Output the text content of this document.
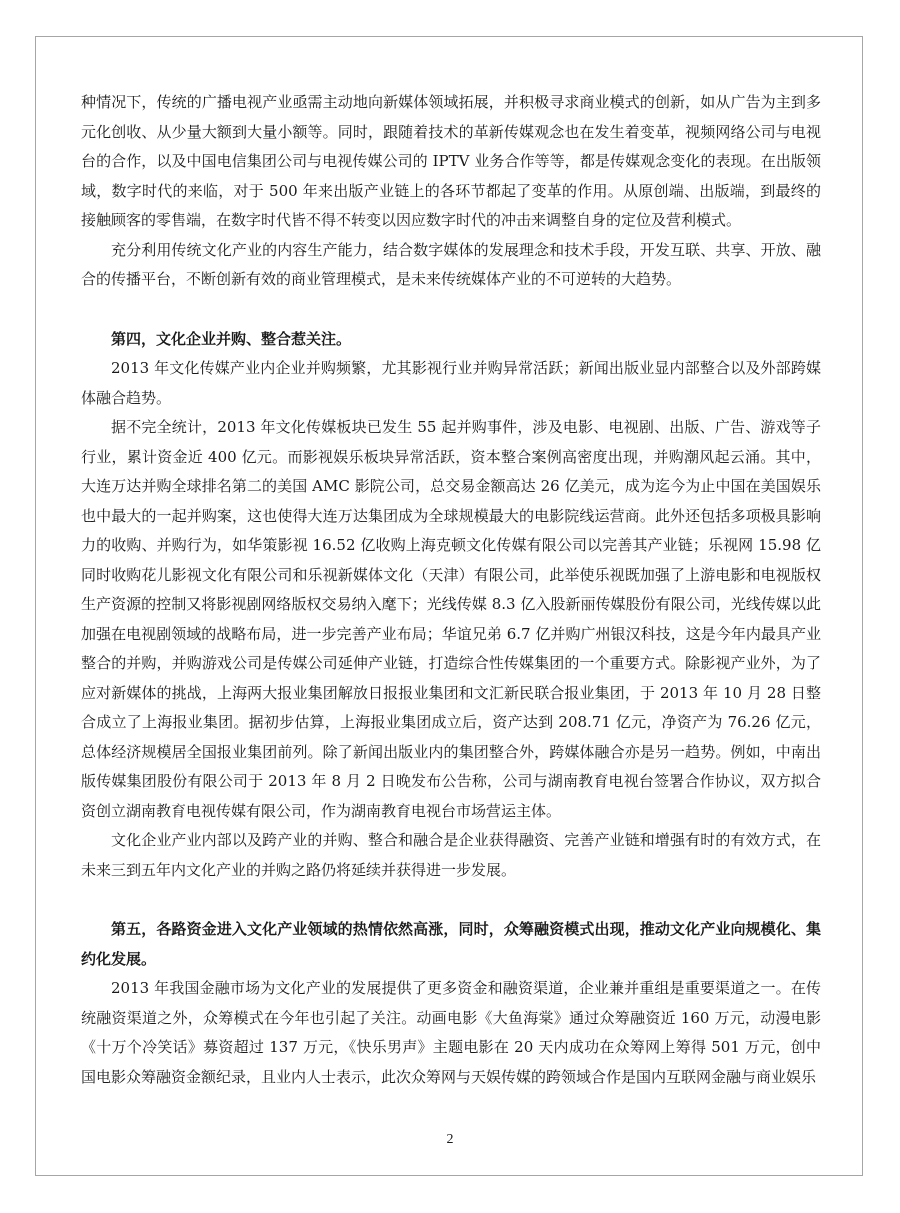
种情况下，传统的广播电视产业亟需主动地向新媒体领域拓展，并积极寻求商业模式的创新，如从广告为主到多元化创收、从少量大额到大量小额等。同时，跟随着技术的革新传媒观念也在发生着变革，视频网络公司与电视台的合作，以及中国电信集团公司与电视传媒公司的 IPTV 业务合作等等，都是传媒观念变化的表现。在出版领域，数字时代的来临，对于 500 年来出版产业链上的各环节都起了变革的作用。从原创端、出版端，到最终的接触顾客的零售端，在数字时代皆不得不转变以因应数字时代的冲击来调整自身的定位及营利模式。

充分利用传统文化产业的内容生产能力，结合数字媒体的发展理念和技术手段，开发互联、共享、开放、融合的传播平台，不断创新有效的商业管理模式，是未来传统媒体产业的不可逆转的大趋势。

第四，文化企业并购、整合惹关注。

2013 年文化传媒产业内企业并购频繁，尤其影视行业并购异常活跃；新闻出版业显内部整合以及外部跨媒体融合趋势。

据不完全统计，2013 年文化传媒板块已发生 55 起并购事件，涉及电影、电视剧、出版、广告、游戏等子行业，累计资金近 400 亿元。而影视娱乐板块异常活跃，资本整合案例高密度出现，并购潮风起云涌。其中，大连万达并购全球排名第二的美国 AMC 影院公司，总交易金额高达 26 亿美元，成为迄今为止中国在美国娱乐也中最大的一起并购案，这也使得大连万达集团成为全球规模最大的电影院线运营商。此外还包括多项极具影响力的收购、并购行为，如华策影视 16.52 亿收购上海克顿文化传媒有限公司以完善其产业链；乐视网 15.98 亿同时收购花儿影视文化有限公司和乐视新媒体文化（天津）有限公司，此举使乐视既加强了上游电影和电视版权生产资源的控制又将影视剧网络版权交易纳入麾下；光线传媒 8.3 亿入股新丽传媒股份有限公司，光线传媒以此加强在电视剧领域的战略布局，进一步完善产业布局；华谊兄弟 6.7 亿并购广州银汉科技，这是今年内最具产业整合的并购，并购游戏公司是传媒公司延伸产业链，打造综合性传媒集团的一个重要方式。除影视产业外，为了应对新媒体的挑战，上海两大报业集团解放日报报业集团和文汇新民联合报业集团，于 2013 年 10 月 28 日整合成立了上海报业集团。据初步估算，上海报业集团成立后，资产达到 208.71 亿元，净资产为 76.26 亿元，总体经济规模居全国报业集团前列。除了新闻出版业内的集团整合外，跨媒体融合亦是另一趋势。例如，中南出版传媒集团股份有限公司于 2013 年 8 月 2 日晚发布公告称，公司与湖南教育电视台签署合作协议，双方拟合资创立湖南教育电视传媒有限公司，作为湖南教育电视台市场营运主体。

文化企业产业内部以及跨产业的并购、整合和融合是企业获得融资、完善产业链和增强有时的有效方式，在未来三到五年内文化产业的并购之路仍将延续并获得进一步发展。

第五，各路资金进入文化产业领域的热情依然高涨，同时，众筹融资模式出现，推动文化产业向规模化、集约化发展。

2013 年我国金融市场为文化产业的发展提供了更多资金和融资渠道，企业兼并重组是重要渠道之一。在传统融资渠道之外，众筹模式在今年也引起了关注。动画电影《大鱼海棠》通过众筹融资近 160 万元，动漫电影《十万个冷笑话》募资超过 137 万元，《快乐男声》主题电影在 20 天内成功在众筹网上筹得 501 万元，创中国电影众筹融资金额纪录，且业内人士表示，此次众筹网与天娱传媒的跨领域合作是国内互联网金融与商业娱乐

2
